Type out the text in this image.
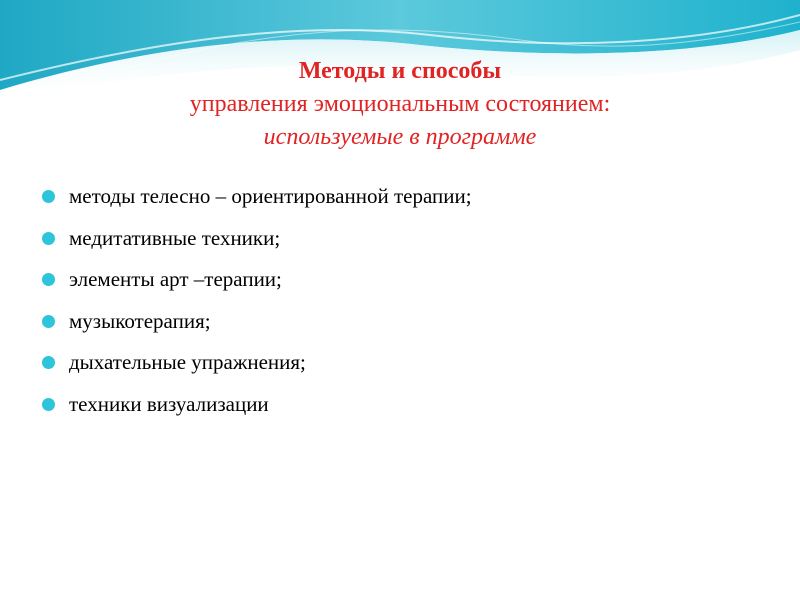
Методы и способы
управления эмоциональным состоянием:
используемые в программе
методы телесно – ориентированной терапии;
медитативные техники;
элементы арт –терапии;
музыкотерапия;
дыхательные упражнения;
техники визуализации
